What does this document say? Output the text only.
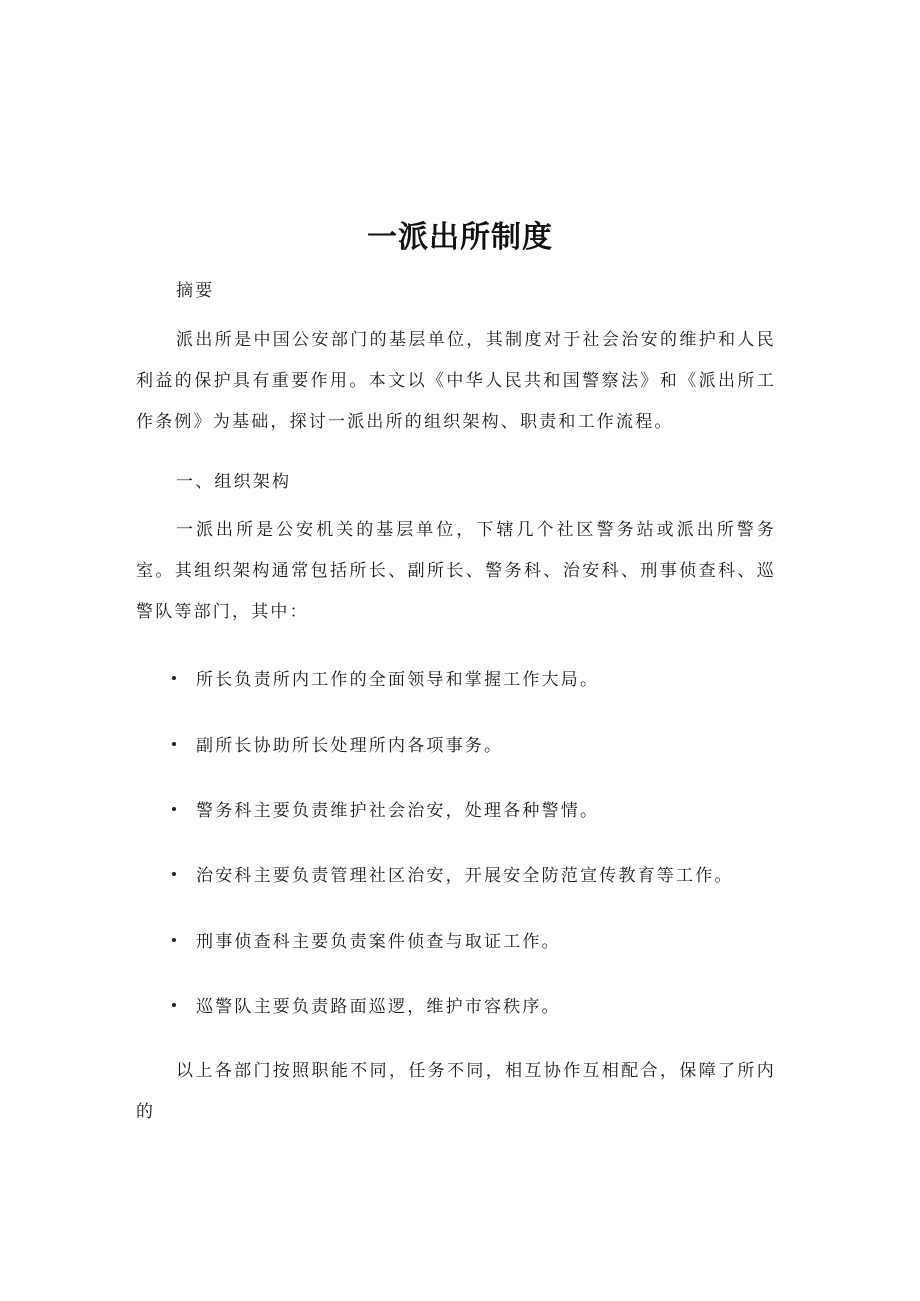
一派出所制度
摘要
派出所是中国公安部门的基层单位，其制度对于社会治安的维护和人民利益的保护具有重要作用。本文以《中华人民共和国警察法》和《派出所工作条例》为基础，探讨一派出所的组织架构、职责和工作流程。
一、组织架构
一派出所是公安机关的基层单位，下辖几个社区警务站或派出所警务室。其组织架构通常包括所长、副所长、警务科、治安科、刑事侦查科、巡警队等部门，其中：
所长负责所内工作的全面领导和掌握工作大局。
副所长协助所长处理所内各项事务。
警务科主要负责维护社会治安，处理各种警情。
治安科主要负责管理社区治安，开展安全防范宣传教育等工作。
刑事侦查科主要负责案件侦查与取证工作。
巡警队主要负责路面巡逻，维护市容秩序。
以上各部门按照职能不同，任务不同，相互协作互相配合，保障了所内的
